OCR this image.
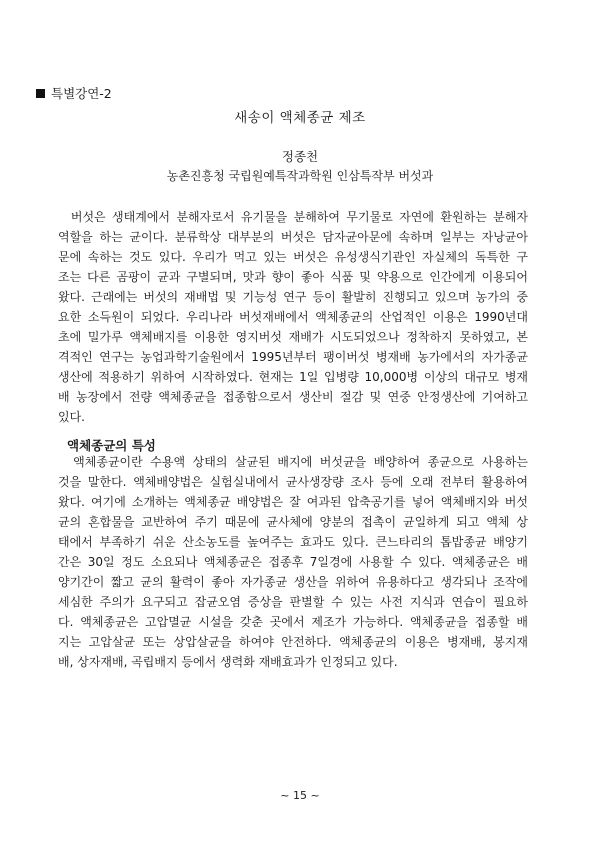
특별강연-2
새송이 액체종균 제조
정종천
농촌진흥청 국립원예특작과학원 인삼특작부 버섯과
버섯은 생태계에서 분해자로서 유기물을 분해하여 무기물로 자연에 환원하는 분해자
역할을 하는 균이다. 분류학상 대부분의 버섯은 담자균아문에 속하며 일부는 자낭균아
문에 속하는 것도 있다. 우리가 먹고 있는 버섯은 유성생식기관인 자실체의 독특한 구
조는 다른 곰팡이 균과 구별되며, 맛과 향이 좋아 식품 및 약용으로 인간에게 이용되어
왔다. 근래에는 버섯의 재배법 및 기능성 연구 등이 활발히 진행되고 있으며 농가의 중
요한 소득원이 되었다. 우리나라 버섯재배에서 액체종균의 산업적인 이용은 1990년대
초에 밀가루 액체배지를 이용한 영지버섯 재배가 시도되었으나 정착하지 못하였고, 본
격적인 연구는 농업과학기술원에서 1995년부터 팽이버섯 병재배 농가에서의 자가종균
생산에 적용하기 위하여 시작하였다. 현재는 1일 입병량 10,000병 이상의 대규모 병재
배 농장에서 전량 액체종균을 접종함으로서 생산비 절감 및 연중 안정생산에 기여하고
있다.
액체종균의 특성
액체종균이란 수용액 상태의 살균된 배지에 버섯균을 배양하여 종균으로 사용하는
것을 말한다. 액체배양법은 실험실내에서 균사생장량 조사 등에 오래 전부터 활용하여
왔다. 여기에 소개하는 액체종균 배양법은 잘 여과된 압축공기를 넣어 액체배지와 버섯
균의 혼합물을 교반하여 주기 때문에 균사체에 양분의 접촉이 균일하게 되고 액체 상
태에서 부족하기 쉬운 산소농도를 높여주는 효과도 있다. 큰느타리의 톱밥종균 배양기
간은 30일 정도 소요되나 액체종균은 접종후 7일경에 사용할 수 있다. 액체종균은 배
양기간이 짧고 균의 활력이 좋아 자가종균 생산을 위하여 유용하다고 생각되나 조작에
세심한 주의가 요구되고 잡균오염 증상을 판별할 수 있는 사전 지식과 연습이 필요하
다. 액체종균은 고압멸균 시설을 갖춘 곳에서 제조가 가능하다. 액체종균을 접종할 배
지는 고압살균 또는 상압살균을 하여야 안전하다. 액체종균의 이용은 병재배, 봉지재
배, 상자재배, 곡립배지 등에서 생력화 재배효과가 인정되고 있다.
~ 15 ~
